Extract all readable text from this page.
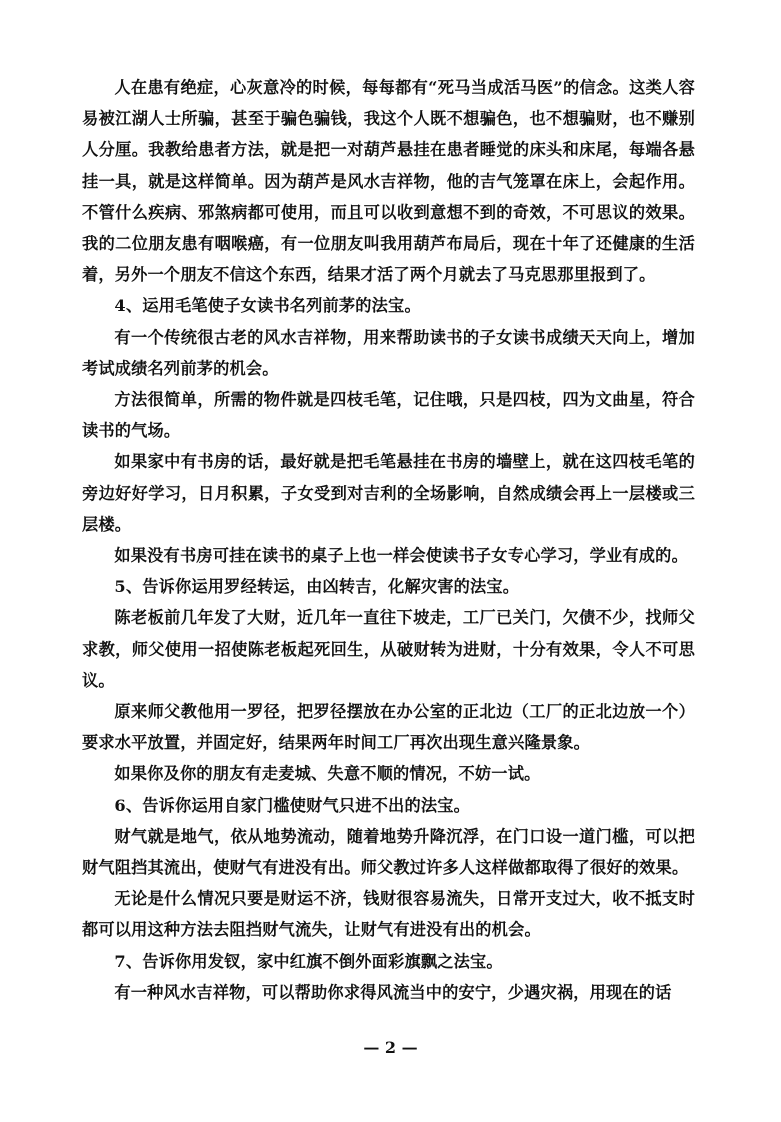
人在患有绝症，心灰意冷的时候，每每都有“死马当成活马医”的信念。这类人容易被江湖人士所骗，甚至于骗色骗钱，我这个人既不想骗色，也不想骗财，也不赚别人分厘。我教给患者方法，就是把一对葫芦悬挂在患者睡觉的床头和床尾，每端各悬挂一具，就是这样简单。因为葫芦是风水吉祥物，他的吉气笼罩在床上，会起作用。不管什么疾病、邪煞病都可使用，而且可以收到意想不到的奇效，不可思议的效果。我的二位朋友患有咽喉癌，有一位朋友叫我用葫芦布局后，现在十年了还健康的生活着，另外一个朋友不信这个东西，结果才活了两个月就去了马克思那里报到了。

4、运用毛笔使子女读书名列前茅的法宝。

有一个传统很古老的风水吉祥物，用来帮助读书的子女读书成绩天天向上，增加考试成绩名列前茅的机会。

方法很简单，所需的物件就是四枝毛笔，记住哦，只是四枝，四为文曲星，符合读书的气场。

如果家中有书房的话，最好就是把毛笔悬挂在书房的墙壁上，就在这四枝毛笔的旁边好好学习，日月积累，子女受到对吉利的全场影响，自然成绩会再上一层楼或三层楼。

如果没有书房可挂在读书的桌子上也一样会使读书子女专心学习，学业有成的。

5、告诉你运用罗经转运，由凶转吉，化解灾害的法宝。

陈老板前几年发了大财，近几年一直往下坡走，工厂已关门，欠债不少，找师父求教，师父使用一招使陈老板起死回生，从破财转为进财，十分有效果，令人不可思议。

原来师父教他用一罗径，把罗径摆放在办公室的正北边（工厂的正北边放一个）要求水平放置，并固定好，结果两年时间工厂再次出现生意兴隆景象。

如果你及你的朋友有走麦城、失意不顺的情况，不妨一试。

6、告诉你运用自家门槛使财气只进不出的法宝。

财气就是地气，依从地势流动，随着地势升降沉浮，在门口设一道门槛，可以把财气阻挡其流出，使财气有进没有出。师父教过许多人这样做都取得了很好的效果。

无论是什么情况只要是财运不济，钱财很容易流失，日常开支过大，收不抵支时都可以用这种方法去阻挡财气流失，让财气有进没有出的机会。

7、告诉你用发钗，家中红旗不倒外面彩旗飘之法宝。

有一种风水吉祥物，可以帮助你求得风流当中的安宁，少遇灾祸，用现在的话

— 2 —
